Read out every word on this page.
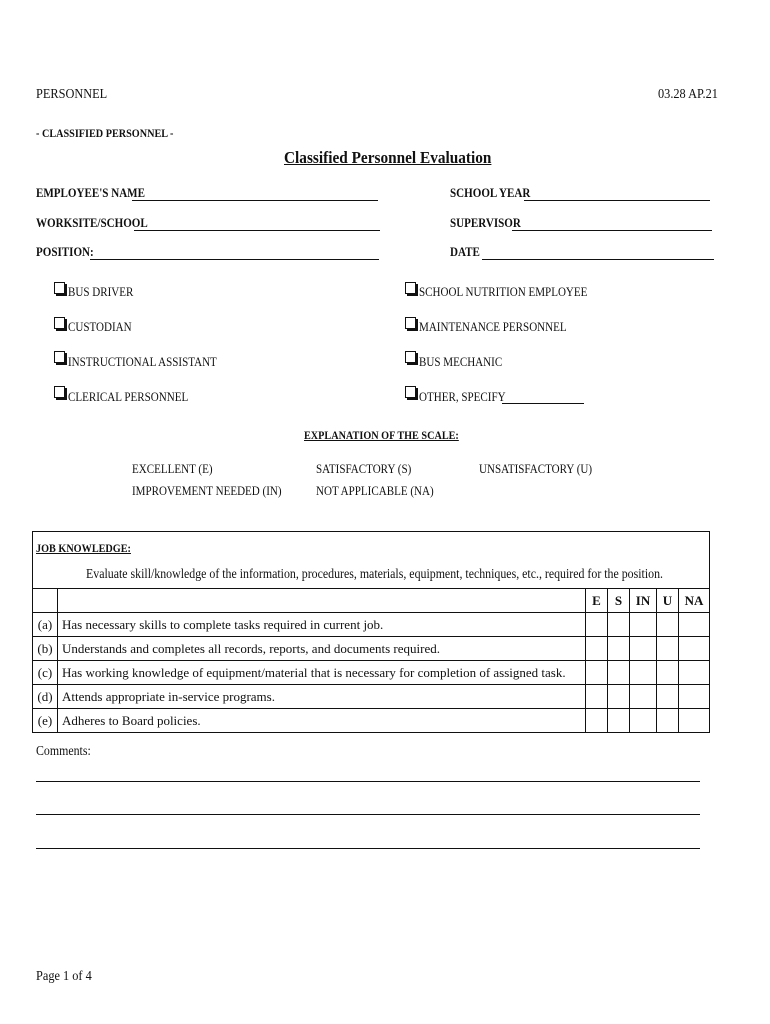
PERSONNEL	03.28 AP.21
- CLASSIFIED PERSONNEL -
Classified Personnel Evaluation
EMPLOYEE'S NAME
WORKSITE/SCHOOL
POSITION:
SCHOOL YEAR
SUPERVISOR
DATE
BUS DRIVER
CUSTODIAN
INSTRUCTIONAL ASSISTANT
CLERICAL PERSONNEL
SCHOOL NUTRITION EMPLOYEE
MAINTENANCE PERSONNEL
BUS MECHANIC
OTHER, SPECIFY
EXPLANATION OF THE SCALE:
EXCELLENT (E)	SATISFACTORY (S)	UNSATISFACTORY (U)
IMPROVEMENT NEEDED (IN)	NOT APPLICABLE (NA)
JOB KNOWLEDGE:
Evaluate skill/knowledge of the information, procedures, materials, equipment, techniques, etc., required for the position.
		E	S	IN	U	NA
(a)	Has necessary skills to complete tasks required in current job.					
(b)	Understands and completes all records, reports, and documents required.					
(c)	Has working knowledge of equipment/material that is necessary for completion of assigned task.					
(d)	Attends appropriate in-service programs.					
(e)	Adheres to Board policies.					
Comments:
Page 1 of 4
